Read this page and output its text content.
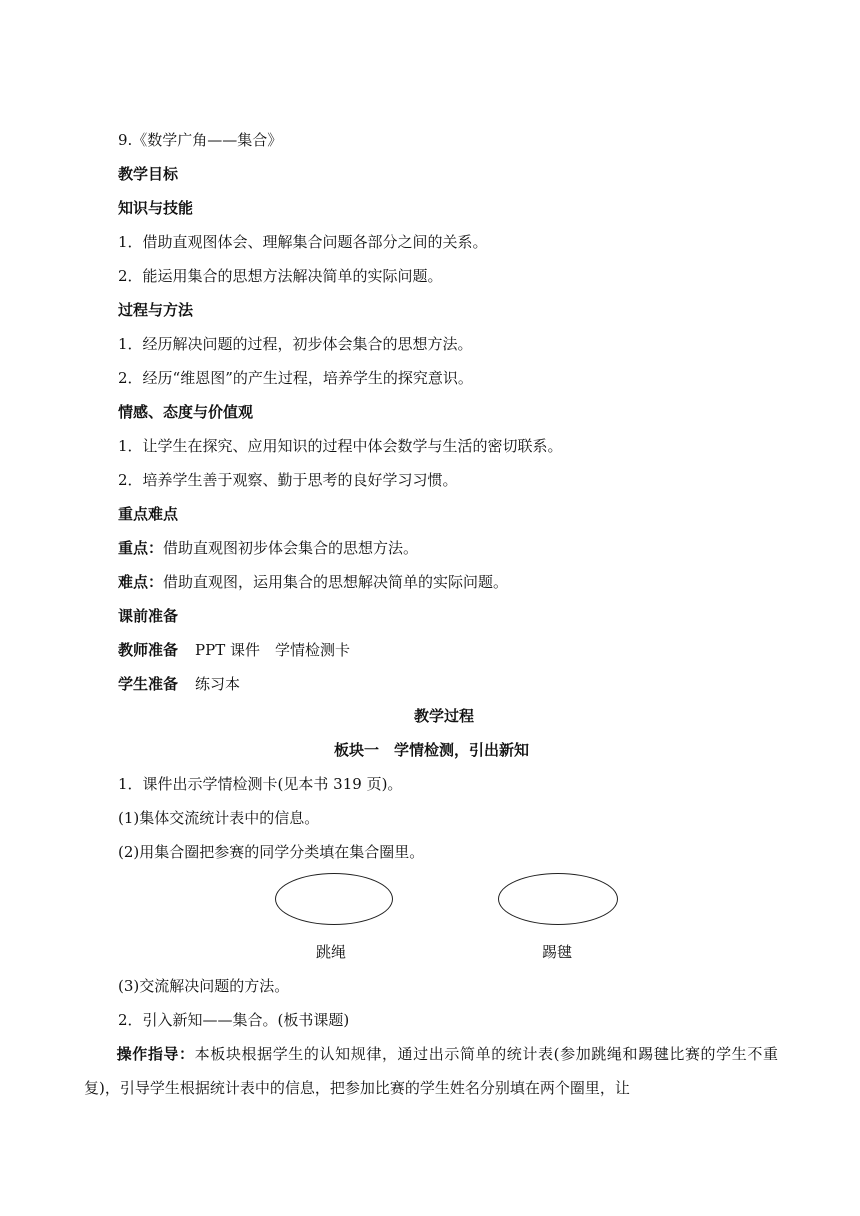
9.《数学广角——集合》
教学目标
知识与技能
1．借助直观图体会、理解集合问题各部分之间的关系。
2．能运用集合的思想方法解决简单的实际问题。
过程与方法
1．经历解决问题的过程，初步体会集合的思想方法。
2．经历“维恩图”的产生过程，培养学生的探究意识。
情感、态度与价值观
1．让学生在探究、应用知识的过程中体会数学与生活的密切联系。
2．培养学生善于观察、勤于思考的良好学习习惯。
重点难点
重点：借助直观图初步体会集合的思想方法。
难点：借助直观图，运用集合的思想解决简单的实际问题。
课前准备
教师准备 PPT 课件　学情检测卡
学生准备 练习本
教学过程
板块一　学情检测，引出新知
1．课件出示学情检测卡(见本书 319 页)。
(1)集体交流统计表中的信息。
(2)用集合圈把参赛的同学分类填在集合圈里。
跳绳	踢毽
(3)交流解决问题的方法。
2．引入新知——集合。(板书课题)
操作指导：本板块根据学生的认知规律，通过出示简单的统计表(参加跳绳和踢毽比赛的学生不重复)，引导学生根据统计表中的信息，把参加比赛的学生姓名分别填在两个圈里，让
